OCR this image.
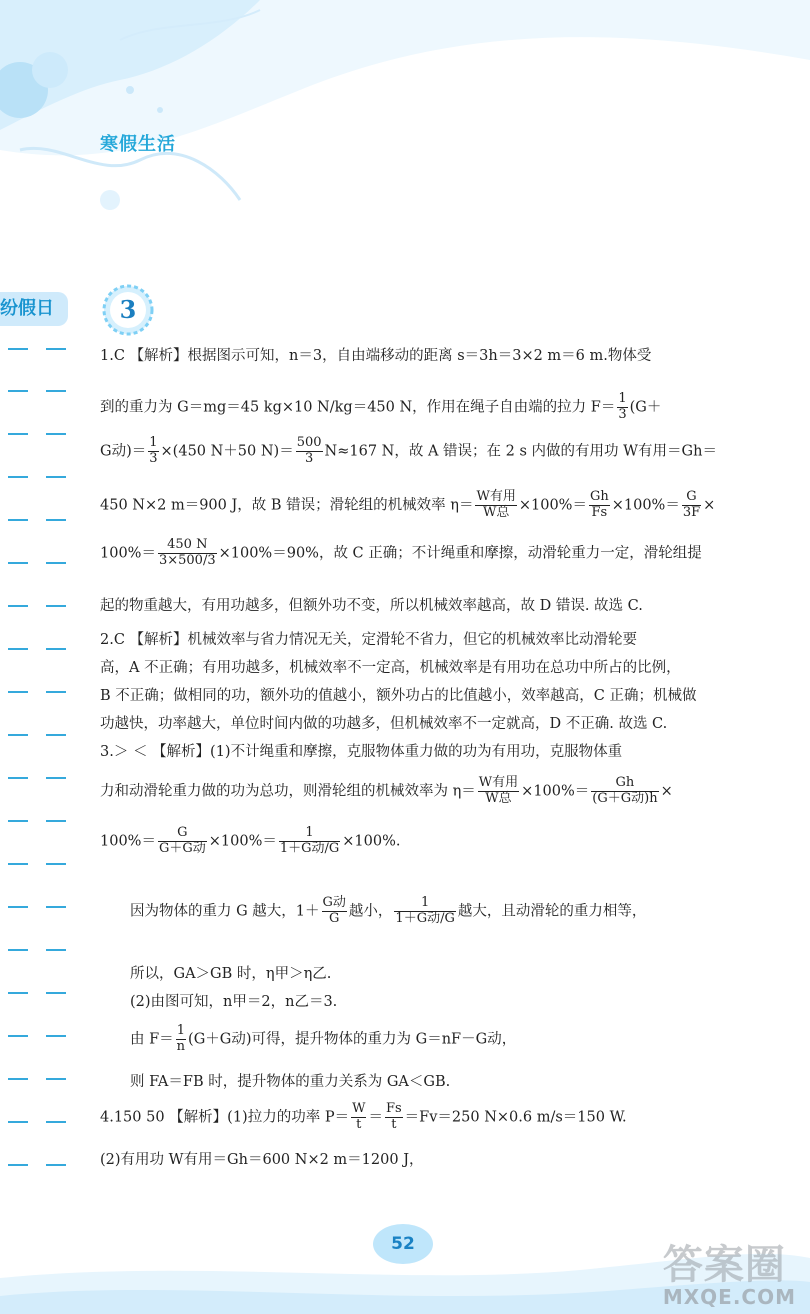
寒假生活
纷假日	3
1.C 【解析】根据图示可知，n＝3，自由端移动的距离 s＝3h＝3×2 m＝6 m.物体受
到的重力为 G＝mg＝45 kg×10 N/kg＝450 N，作用在绳子自由端的拉力 $F= \frac{1}{3} (G+$
G动)＝ $\frac{1}{3} \times(450$ N＋50 $N)= \frac{500}{3} N\approx 167$ N，故 A 错误；在 2 s 内做的有用功 W有用＝Gh＝
450 N×2 m＝900 J，故 B 错误；滑轮组的机械效率 $\eta= \frac{\text{W有用}}{\text{W总}} \times 100\%= \frac{Gh}{Fs} \times 100\%= \frac{G}{3F}$ ×
$100\%= \frac{450 N}{3\times 500/3} \times 100\%=90\%$，故 C 正确；不计绳重和摩擦，动滑轮重力一定，滑轮组提
起的物重越大，有用功越多，但额外功不变，所以机械效率越高，故 D 错误. 故选 C.
2.C 【解析】机械效率与省力情况无关，定滑轮不省力，但它的机械效率比动滑轮要
高，A 不正确；有用功越多，机械效率不一定高，机械效率是有用功在总功中所占的比例，
B 不正确；做相同的功，额外功的值越小，额外功占的比值越小，效率越高，C 正确；机械做
功越快，功率越大，单位时间内做的功越多，但机械效率不一定就高，D 不正确. 故选 C.
3.＞ ＜ 【解析】(1)不计绳重和摩擦，克服物体重力做的功为有用功，克服物体重
力和动滑轮重力做的功为总功，则滑轮组的机械效率为 $\eta= \frac{\text{W有用}}{\text{W总}} \times 100\%= \frac{Gh}{\text{(G＋G动)h}}$ ×
$100\%= \frac{G}{\text{G＋G动}} \times 100\%= \frac{1}{\text{1＋G动/G}} \times 100\%$.
因为物体的重力 G 越大，$1+ \frac{\text{G动}}{G}$ 越小， $\frac{1}{\text{1＋G动/G}}$ 越大，且动滑轮的重力相等，
所以，GA＞GB 时，η甲＞η乙.
(2)由图可知，n甲＝2，n乙＝3.
由 $F= \frac{1}{n} (G+G$动)可得，提升物体的重力为 G＝nF－G动，
则 FA＝FB 时，提升物体的重力关系为 GA＜GB.
4.150 50 【解析】(1)拉力的功率 $P= \frac{W}{t} = \frac{Fs}{t} =Fv=250$ N×0.6 m/s＝150 W.
(2)有用功 W有用＝Gh＝600 N×2 m＝1200 J，
52	答案圈
MXQE.COM
